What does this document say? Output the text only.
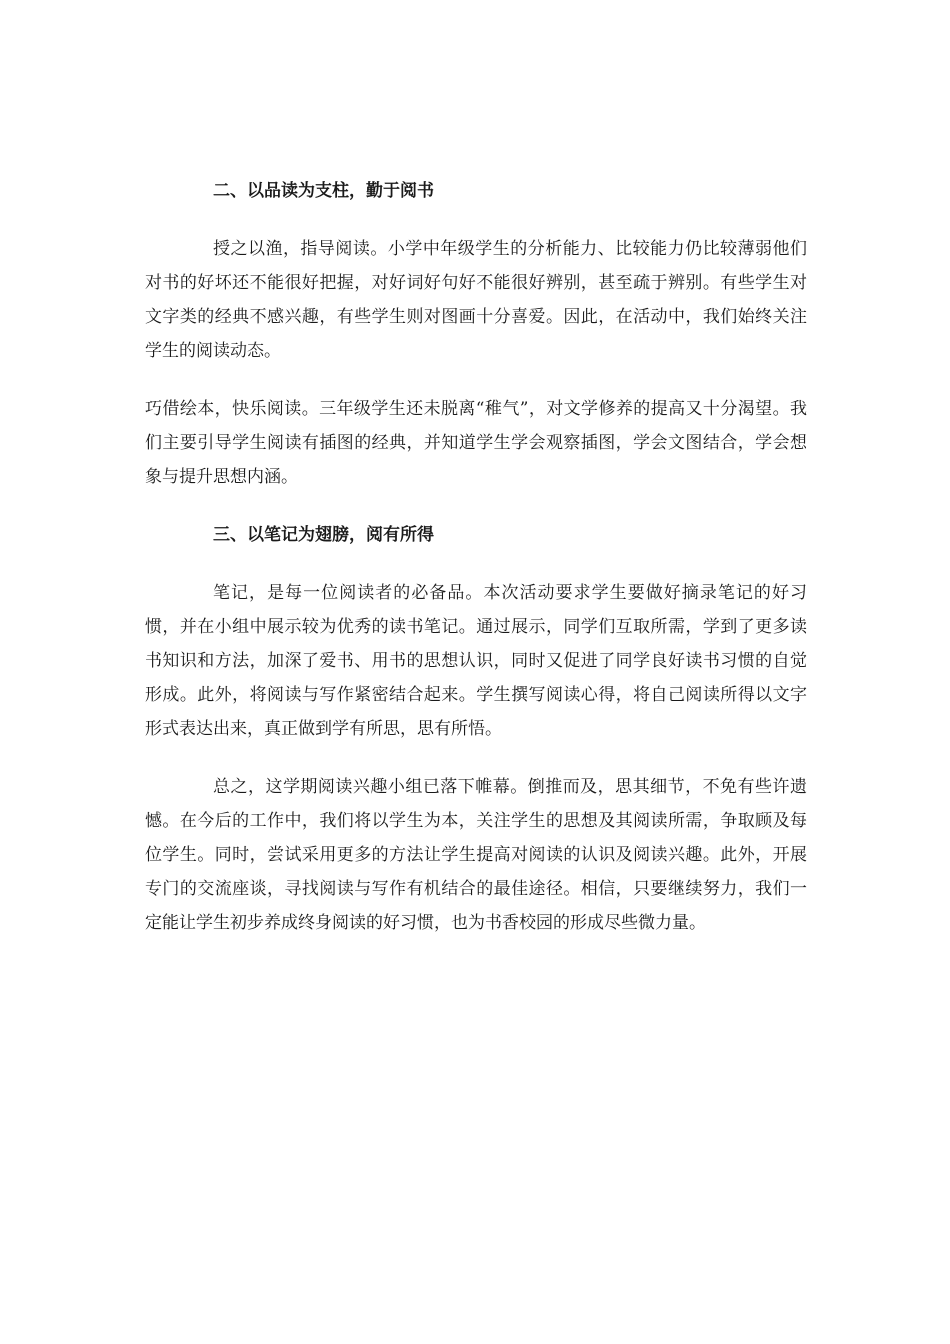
二、以品读为支柱，勤于阅书

授之以渔，指导阅读。小学中年级学生的分析能力、比较能力仍比较薄弱他们对书的好坏还不能很好把握，对好词好句好不能很好辨别，甚至疏于辨别。有些学生对文字类的经典不感兴趣，有些学生则对图画十分喜爱。因此，在活动中，我们始终关注学生的阅读动态。

巧借绘本，快乐阅读。三年级学生还未脱离“稚气”，对文学修养的提高又十分渴望。我们主要引导学生阅读有插图的经典，并知道学生学会观察插图，学会文图结合，学会想象与提升思想内涵。

三、以笔记为翅膀，阅有所得

笔记，是每一位阅读者的必备品。本次活动要求学生要做好摘录笔记的好习惯，并在小组中展示较为优秀的读书笔记。通过展示，同学们互取所需，学到了更多读书知识和方法，加深了爱书、用书的思想认识，同时又促进了同学良好读书习惯的自觉形成。此外，将阅读与写作紧密结合起来。学生撰写阅读心得，将自己阅读所得以文字形式表达出来，真正做到学有所思，思有所悟。

总之，这学期阅读兴趣小组已落下帷幕。倒推而及，思其细节，不免有些许遗憾。在今后的工作中，我们将以学生为本，关注学生的思想及其阅读所需，争取顾及每位学生。同时，尝试采用更多的方法让学生提高对阅读的认识及阅读兴趣。此外，开展专门的交流座谈，寻找阅读与写作有机结合的最佳途径。相信，只要继续努力，我们一定能让学生初步养成终身阅读的好习惯，也为书香校园的形成尽些微力量。
